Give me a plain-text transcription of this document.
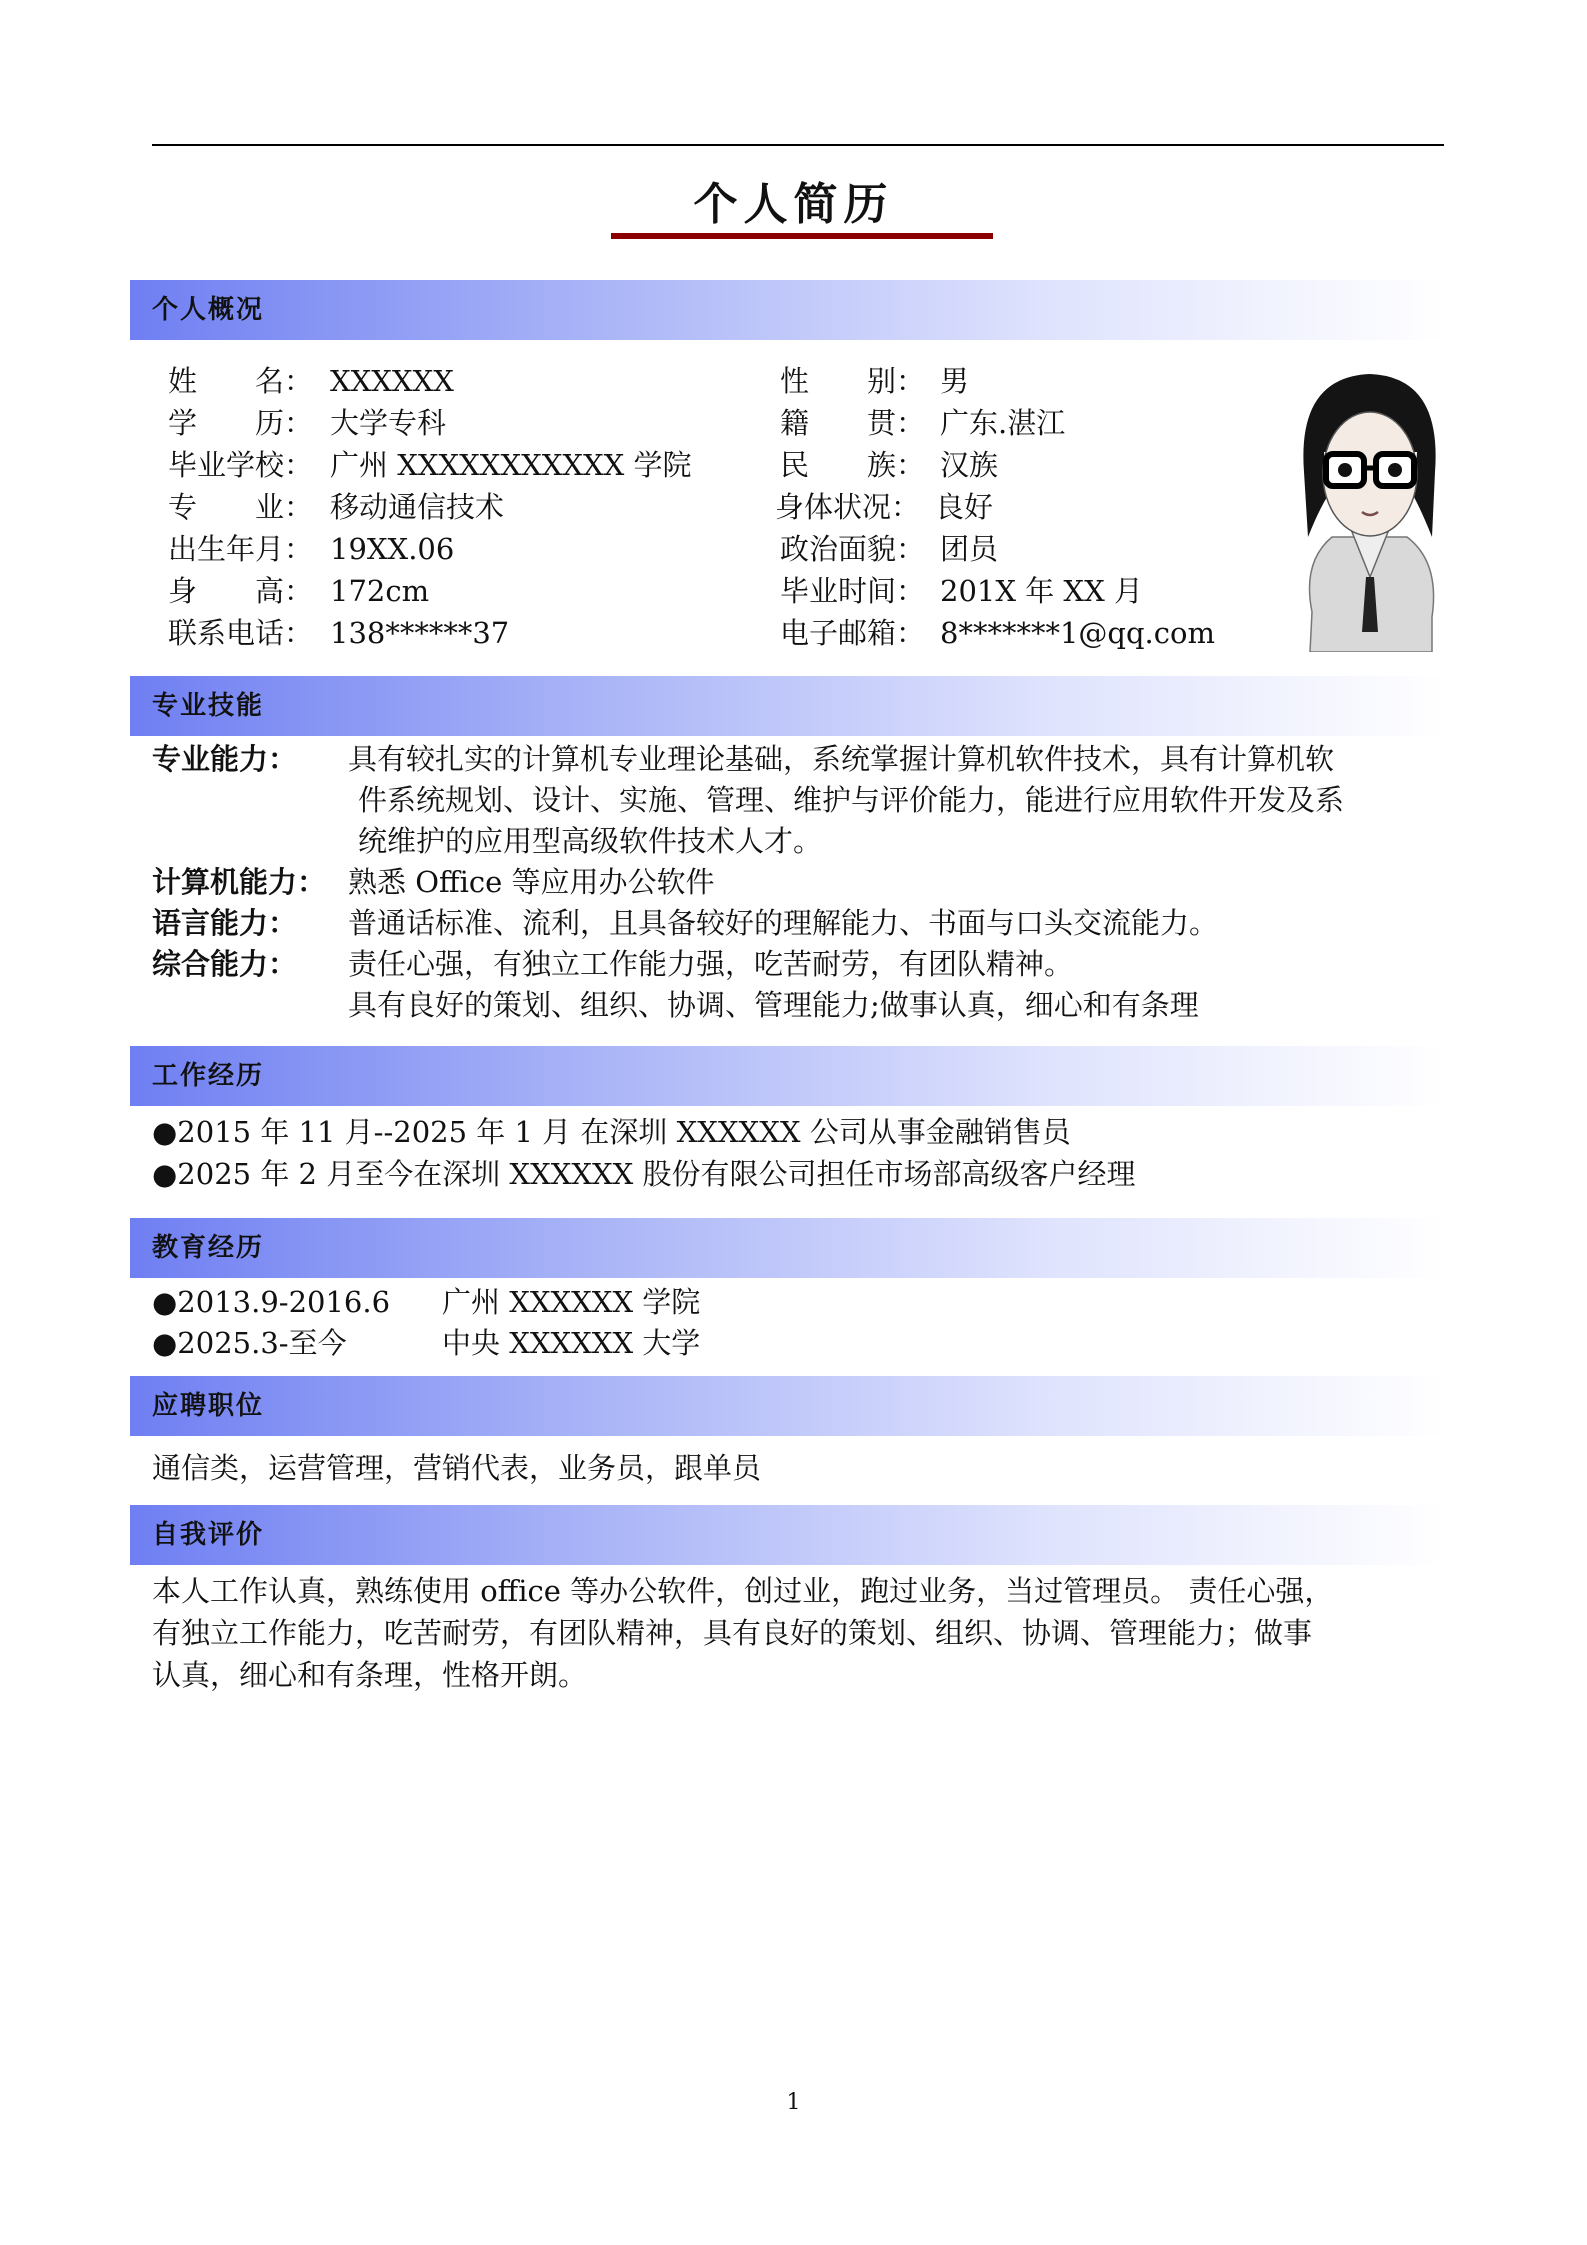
个人简历
个人概况
姓　　名： XXXXXX
学　　历： 大学专科
毕业学校： 广州 XXXXXXXXXXX 学院
专　　业： 移动通信技术
出生年月： 19XX.06
身　　高： 172cm
联系电话： 138******37
性　　别： 男
籍　　贯： 广东.湛江
民　　族： 汉族
身体状况： 良好
政治面貌： 团员
毕业时间： 201X 年 XX 月
电子邮箱： 8*******1@qq.com
专业技能
专业能力： 具有较扎实的计算机专业理论基础，系统掌握计算机软件技术，具有计算机软
件系统规划、设计、实施、管理、维护与评价能力，能进行应用软件开发及系
统维护的应用型高级软件技术人才。
计算机能力： 熟悉 Office 等应用办公软件
语言能力： 普通话标准、流利，且具备较好的理解能力、书面与口头交流能力。
综合能力： 责任心强，有独立工作能力强，吃苦耐劳，有团队精神。
具有良好的策划、组织、协调、管理能力;做事认真，细心和有条理
工作经历
●2015 年 11 月--2025 年 1 月 在深圳 XXXXXX 公司从事金融销售员
●2025 年 2 月至今在深圳 XXXXXX 股份有限公司担任市场部高级客户经理
教育经历
●2013.9-2016.6 广州 XXXXXX 学院
●2025.3-至今	中央 XXXXXX 大学
应聘职位
通信类，运营管理，营销代表，业务员，跟单员
自我评价
本人工作认真，熟练使用 office 等办公软件，创过业，跑过业务，当过管理员。 责任心强，
有独立工作能力，吃苦耐劳，有团队精神，具有良好的策划、组织、协调、管理能力；做事
认真，细心和有条理，性格开朗。
1
